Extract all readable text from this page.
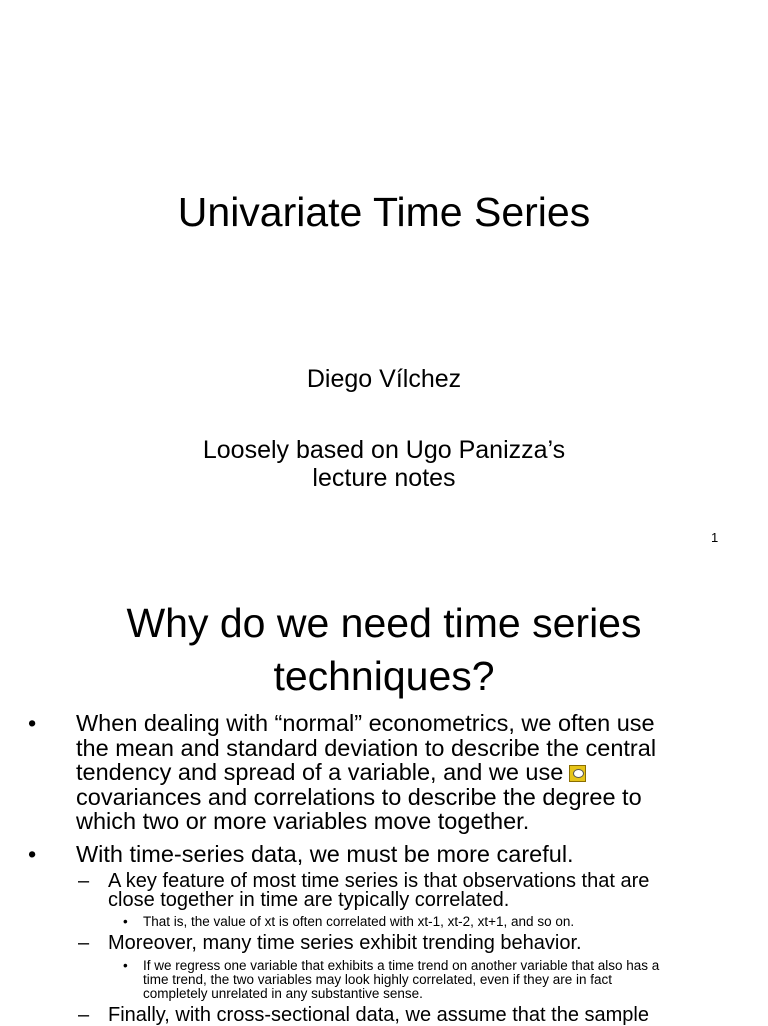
Univariate Time Series
Diego Vílchez
Loosely based on Ugo Panizza’s
lecture notes
1
Why do we need time series
techniques?
• When dealing with “normal” econometrics, we often use
the mean and standard deviation to describe the central
tendency and spread of a variable, and we use
covariances and correlations to describe the degree to
which two or more variables move together.
• With time-series data, we must be more careful.
– A key feature of most time series is that observations that are
close together in time are typically correlated.
• That is, the value of xt is often correlated with xt-1, xt-2, xt+1, and so on.
– Moreover, many time series exhibit trending behavior.
• If we regress one variable that exhibits a time trend on another variable that also has a
time trend, the two variables may look highly correlated, even if they are in fact
completely unrelated in any substantive sense.
– Finally, with cross-sectional data, we assume that the sample
